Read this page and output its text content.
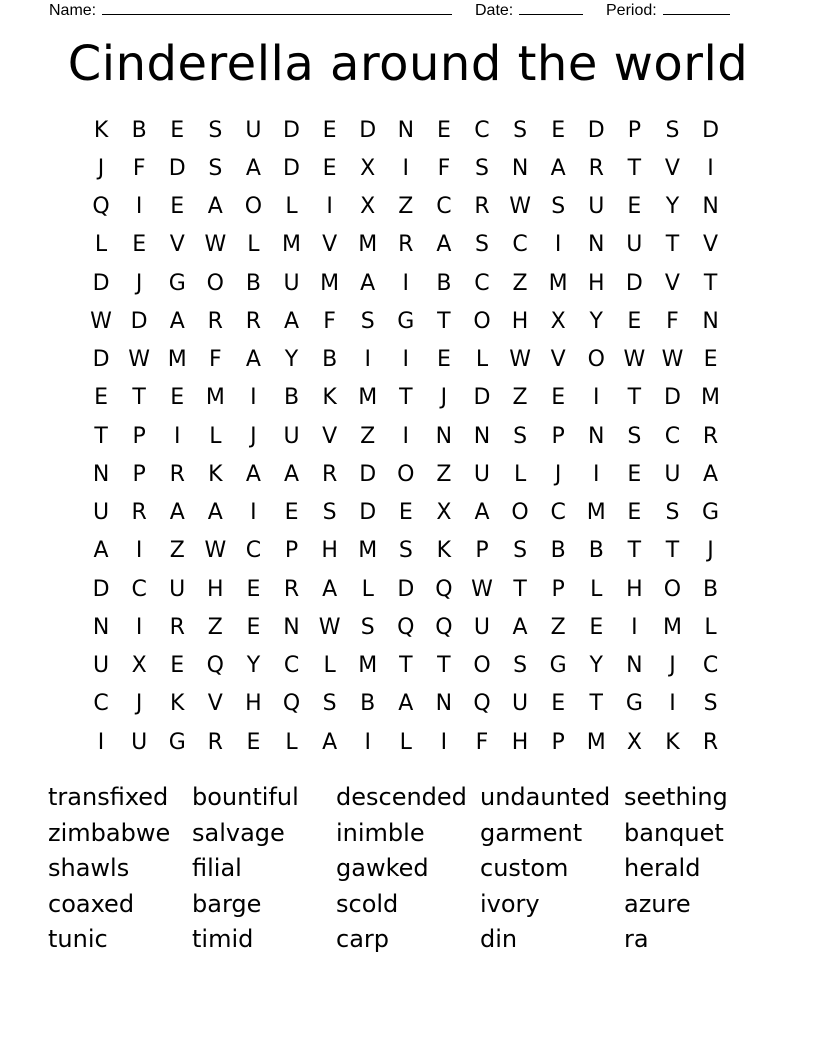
Name:	Date:	Period:
Cinderella around the world
K	B	E	S	U D	E	D N	E	C	S	E	D	P	S	D
J	F	D	S	A	D	E	X	I	F	S	N	A	R	T	V	I
Q	I	E	A O	L	I	X	Z	C	R W S	U	E	Y	N
L	E	V W L	M V M R	A	S	C	I	N U	T	V
D	J	G O B	U M A	I	B	C	Z M H D	V	T
W D	A	R	R	A	F	S	G	T	O H	X	Y	E	F	N
D W M	F	A	Y	B	I	I	E	L W V O W W E
E	T	E M	I	B	K M T	J	D	Z	E	I	T	D M
T	P	I	L	J	U	V	Z	I	N N	S	P	N	S	C	R
N	P	R	K	A	A	R D O Z	U	L	J	I	E	U	A
U	R	A	A	I	E	S	D	E	X	A O C M E	S	G
A	I	Z W C	P	H M S	K	P	S	B	B	T	T	J
D C	U H	E	R	A	L	D Q W T	P	L	H O B
N	I	R	Z	E	N W S	Q Q U	A	Z	E	I	M	L
U	X	E	Q	Y	C	L	M T	T	O	S	G	Y	N	J	C
C	J	K	V	H Q	S	B	A	N Q U	E	T	G	I	S
I	U G R	E	L	A	I	L	I	F	H	P M X	K	R
transfixed bountiful	descended undaunted seething
zimbabwe salvage	inimble	garment	banquet
shawls	filial	gawked	custom	herald
coaxed	barge	scold	ivory	azure
tunic	timid	carp	din	ra
